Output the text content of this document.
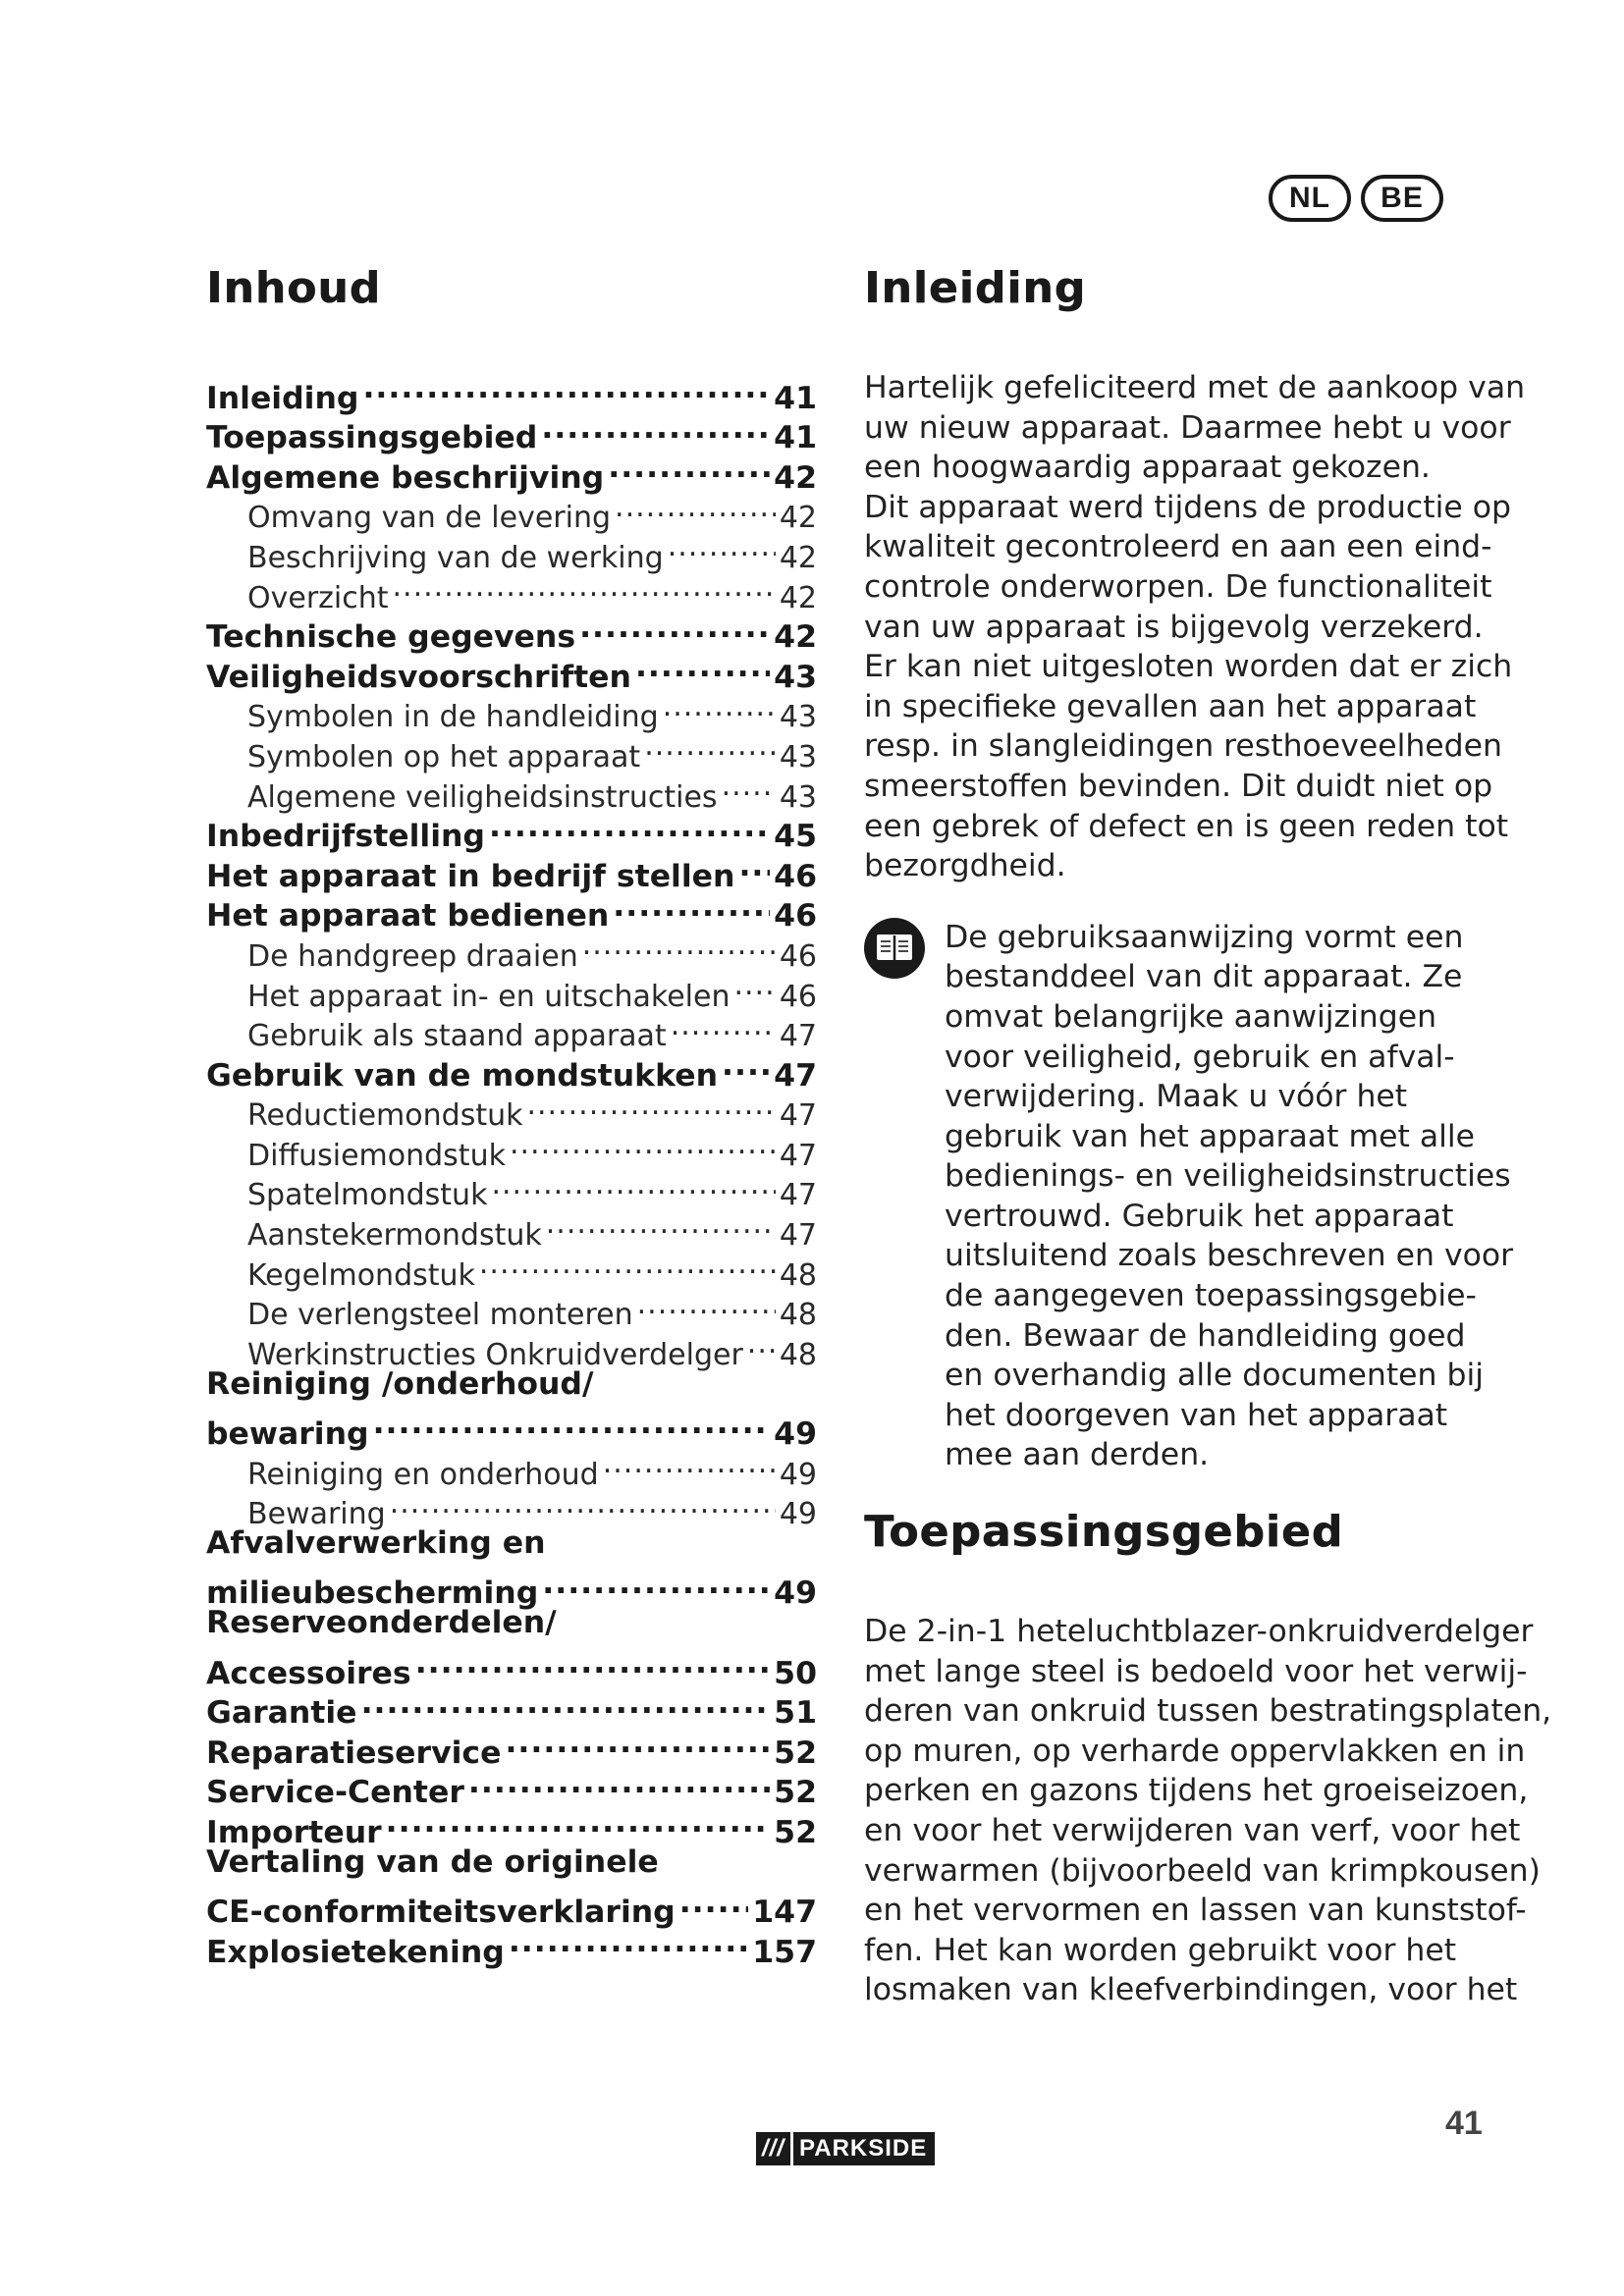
NL	BE
Inhoud
Inleiding .....	41
Toepassingsgebied .....	41
Algemene beschrijving .....	42
Omvang van de levering .....	42
Beschrijving van de werking .....	42
Overzicht .....	42
Technische gegevens .....	42
Veiligheidsvoorschriften .....	43
Symbolen in de handleiding .....	43
Symbolen op het apparaat .....	43
Algemene veiligheidsinstructies ..... 43
Inbedrijfstelling .....	45
Het apparaat in bedrijf stellen ..... 46
Het apparaat bedienen .....	46
De handgreep draaien .....	46
Het apparaat in- en uitschakelen ..... 46
Gebruik als staand apparaat .....	47
Gebruik van de mondstukken ..... 47
Reductiemondstuk .....	47
Diffusiemondstuk .....	47
Spatelmondstuk .....	47
Aanstekermondstuk .....	47
Kegelmondstuk .....	48
De verlengsteel monteren .....	48
Werkinstructies Onkruidverdelger ..... 48
Reiniging /onderhoud/
bewaring .....	49
Reiniging en onderhoud .....	49
Bewaring .....	49
Afvalverwerking en
milieubescherming .....	49
Reserveonderdelen/
Accessoires .....	50
Garantie .....	51
Reparatieservice .....	52
Service-Center .....	52
Importeur .....	52
Vertaling van de originele
CE-conformiteitsverklaring ..... 147
Explosietekening .....	157
Inleiding
Hartelijk gefeliciteerd met de aankoop van
uw nieuw apparaat. Daarmee hebt u voor
een hoogwaardig apparaat gekozen.
Dit apparaat werd tijdens de productie op
kwaliteit gecontroleerd en aan een eind-
controle onderworpen. De functionaliteit
van uw apparaat is bijgevolg verzekerd.
Er kan niet uitgesloten worden dat er zich
in specifieke gevallen aan het apparaat
resp. in slangleidingen resthoeveelheden
smeerstoffen bevinden. Dit duidt niet op
een gebrek of defect en is geen reden tot
bezorgdheid.
De gebruiksaanwijzing vormt een
bestanddeel van dit apparaat. Ze
omvat belangrijke aanwijzingen
voor veiligheid, gebruik en afval-
verwijdering. Maak u vóór het
gebruik van het apparaat met alle
bedienings- en veiligheidsinstructies
vertrouwd. Gebruik het apparaat
uitsluitend zoals beschreven en voor
de aangegeven toepassingsgebie-
den. Bewaar de handleiding goed
en overhandig alle documenten bij
het doorgeven van het apparaat
mee aan derden.
Toepassingsgebied
De 2-in-1 heteluchtblazer-onkruidverdelger
met lange steel is bedoeld voor het verwij-
deren van onkruid tussen bestratingsplaten,
op muren, op verharde oppervlakken en in
perken en gazons tijdens het groeiseizoen,
en voor het verwijderen van verf, voor het
verwarmen (bijvoorbeeld van krimpkousen)
en het vervormen en lassen van kunststof-
fen. Het kan worden gebruikt voor het
losmaken van kleefverbindingen, voor het
/// PARKSIDE
41
